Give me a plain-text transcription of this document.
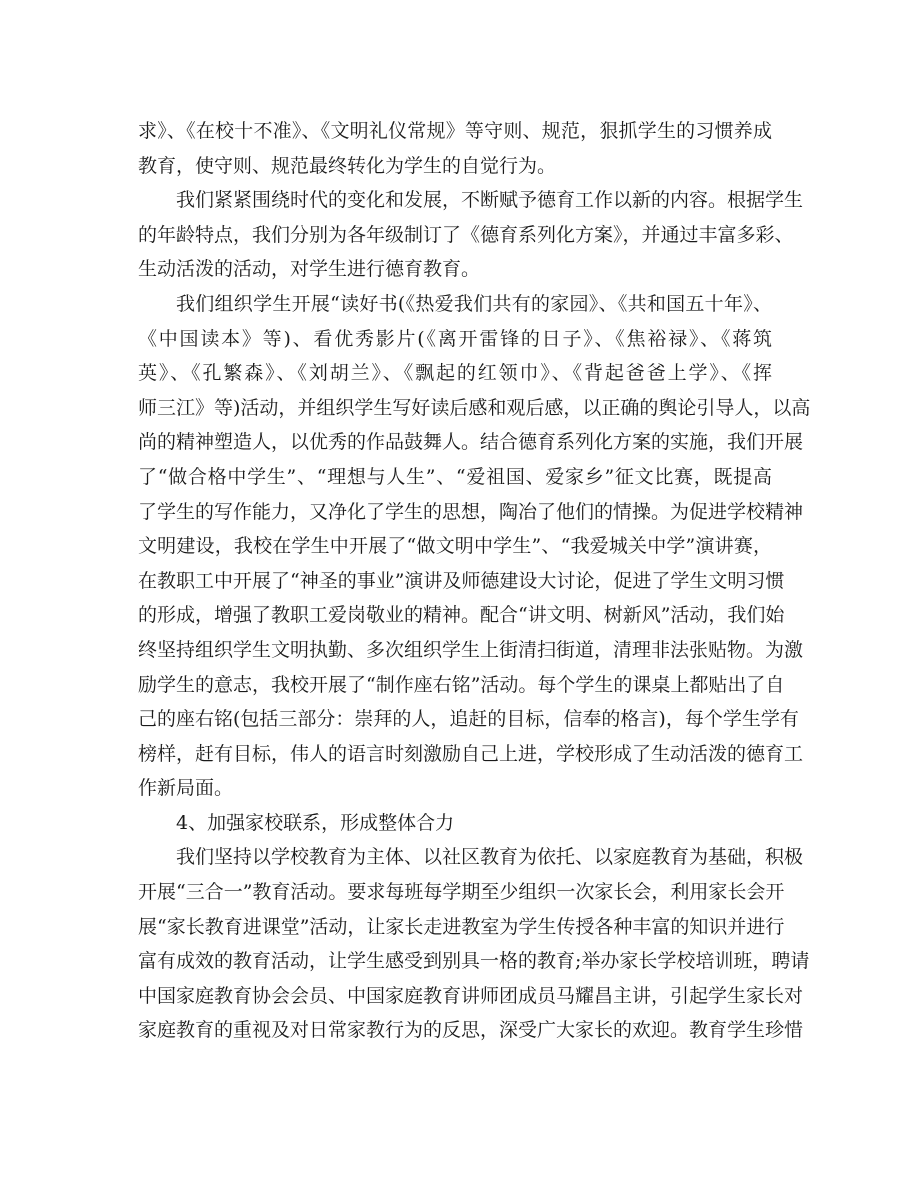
求》、《在校十不准》、《文明礼仪常规》等守则、规范，狠抓学生的习惯养成
教育，使守则、规范最终转化为学生的自觉行为。
我们紧紧围绕时代的变化和发展，不断赋予德育工作以新的内容。根据学生
的年龄特点，我们分别为各年级制订了《德育系列化方案》，并通过丰富多彩、
生动活泼的活动，对学生进行德育教育。
我们组织学生开展“读好书(《热爱我们共有的家园》、《共和国五十年》、
《中国读本》等)、看优秀影片(《离开雷锋的日子》、《焦裕禄》、《蒋筑
英》、《孔繁森》、《刘胡兰》、《飘起的红领巾》、《背起爸爸上学》、《挥
师三江》等)活动，并组织学生写好读后感和观后感，以正确的舆论引导人，以高
尚的精神塑造人，以优秀的作品鼓舞人。结合德育系列化方案的实施，我们开展
了“做合格中学生”、“理想与人生”、“爱祖国、爱家乡”征文比赛，既提高
了学生的写作能力，又净化了学生的思想，陶冶了他们的情操。为促进学校精神
文明建设，我校在学生中开展了“做文明中学生”、“我爱城关中学”演讲赛，
在教职工中开展了“神圣的事业”演讲及师德建设大讨论，促进了学生文明习惯
的形成，增强了教职工爱岗敬业的精神。配合“讲文明、树新风”活动，我们始
终坚持组织学生文明执勤、多次组织学生上街清扫街道，清理非法张贴物。为激
励学生的意志，我校开展了“制作座右铭”活动。每个学生的课桌上都贴出了自
己的座右铭(包括三部分：崇拜的人，追赶的目标，信奉的格言)，每个学生学有
榜样，赶有目标，伟人的语言时刻激励自己上进，学校形成了生动活泼的德育工
作新局面。
4、加强家校联系，形成整体合力
我们坚持以学校教育为主体、以社区教育为依托、以家庭教育为基础，积极
开展“三合一”教育活动。要求每班每学期至少组织一次家长会，利用家长会开
展“家长教育进课堂”活动，让家长走进教室为学生传授各种丰富的知识并进行
富有成效的教育活动，让学生感受到别具一格的教育;举办家长学校培训班，聘请
中国家庭教育协会会员、中国家庭教育讲师团成员马耀昌主讲，引起学生家长对
家庭教育的重视及对日常家教行为的反思，深受广大家长的欢迎。教育学生珍惜
